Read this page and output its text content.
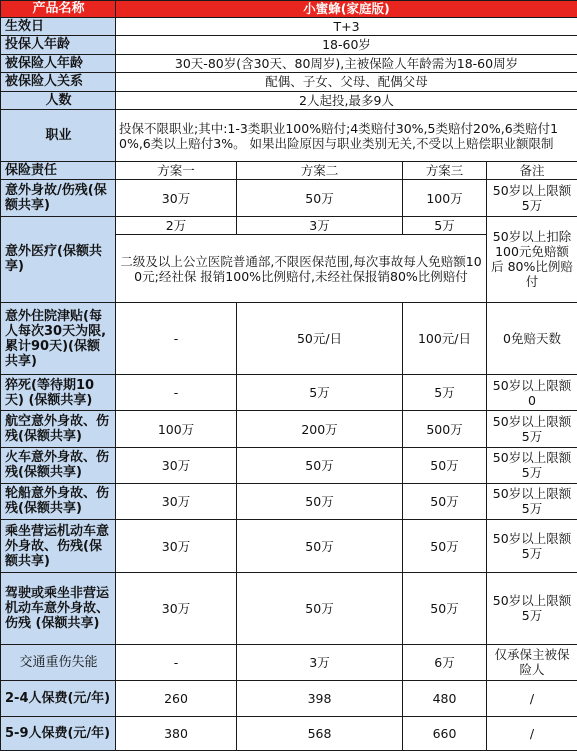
产品名称	小蜜蜂(家庭版)			
生效日	T+3			
投保人年龄	18-60岁			
被保险人年龄	30天-80岁(含30天、80周岁),主被保险人年龄需为18-60周岁			
被保险人关系	配偶、子女、父母、配偶父母			
人数	2人起投,最多9人			
职业	投保不限职业;其中:1-3类职业100%赔付;4类赔付30%,5类赔付20%,6类赔付10%,6类以上赔付3%。 如果出险原因与职业类别无关,不受以上赔偿职业额限制			
保险责任	方案一	方案二	方案三	备注
意外身故/伤残(保额共享)	30万	50万	100万	50岁以上限额5万
意外医疗(保额共享)	2万	3万	5万	50岁以上扣除100元免赔额后 80%比例赔付
	二级及以上公立医院普通部,不限医保范围,每次事故每人免赔额100元;经社保 报销100%比例赔付,未经社保报销80%比例赔付			
意外住院津贴(每人每次30天为限,累计90天)(保额共享)	-	50元/日	100元/日	0免赔天数
猝死(等待期10天) (保额共享)	-	5万	5万	50岁以上限额0
航空意外身故、伤残(保额共享)	100万	200万	500万	50岁以上限额5万
火车意外身故、伤残(保额共享)	30万	50万	50万	50岁以上限额5万
轮船意外身故、伤残(保额共享)	30万	50万	50万	50岁以上限额5万
乘坐营运机动车意外身故、伤残(保额共享)	30万	50万	50万	50岁以上限额5万
驾驶或乘坐非营运机动车意外身故、伤残 (保额共享)	30万	50万	50万	50岁以上限额5万
交通重伤失能	-	3万	6万	仅承保主被保险人
2-4人保费(元/年)	260	398	480	/
5-9人保费(元/年)	380	568	660	/
